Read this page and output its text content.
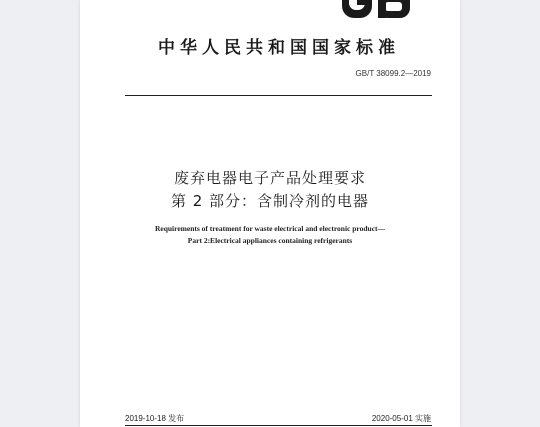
中华人民共和国国家标准
GB/T 38099.2—2019
废弃电器电子产品处理要求
第 2 部分：含制冷剂的电器
Requirements of treatment for waste electrical and electronic product—
Part 2:Electrical appliances containing refrigerants
2019-10-18 发布	2020-05-01 实施
